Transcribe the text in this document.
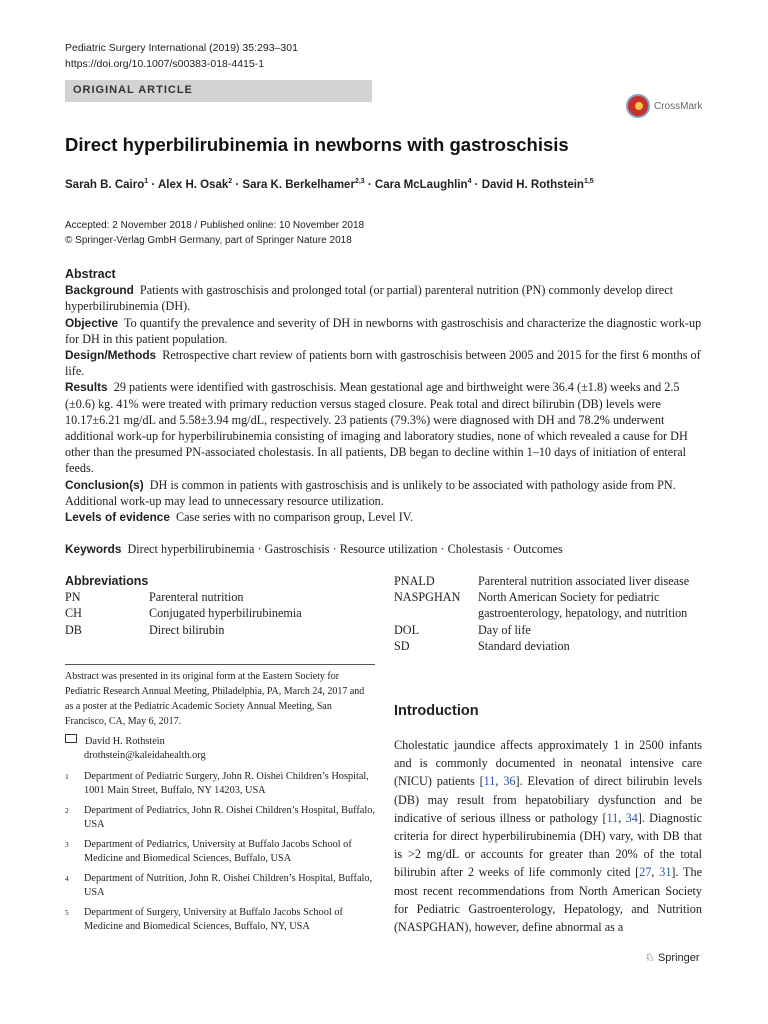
Pediatric Surgery International (2019) 35:293–301
https://doi.org/10.1007/s00383-018-4415-1
ORIGINAL ARTICLE
CrossMark
Direct hyperbilirubinemia in newborns with gastroschisis
Sarah B. Cairo$^1$ · Alex H. Osak$^2$ · Sara K. Berkelhamer$^{2,3}$ · Cara McLaughlin$^4$ · David H. Rothstein$^{1,5}$
Accepted: 2 November 2018 / Published online: 10 November 2018
© Springer-Verlag GmbH Germany, part of Springer Nature 2018
Abstract

Background Patients with gastroschisis and prolonged total (or partial) parenteral nutrition (PN) commonly develop direct hyperbilirubinemia (DH).

Objective To quantify the prevalence and severity of DH in newborns with gastroschisis and characterize the diagnostic work-up for DH in this patient population.

Design/Methods Retrospective chart review of patients born with gastroschisis between 2005 and 2015 for the first 6 months of life.

Results 29 patients were identified with gastroschisis. Mean gestational age and birthweight were 36.4 (±1.8) weeks and 2.5 (±0.6) kg. 41% were treated with primary reduction versus staged closure. Peak total and direct bilirubin (DB) levels were 10.17±6.21 mg/dL and 5.58±3.94 mg/dL, respectively. 23 patients (79.3%) were diagnosed with DH and 78.2% underwent additional work-up for hyperbilirubinemia consisting of imaging and laboratory studies, none of which revealed a cause for DH other than the presumed PN-associated cholestasis. In all patients, DB began to decline within 1–10 days of initiation of enteral feeds.

Conclusion(s) DH is common in patients with gastroschisis and is unlikely to be associated with pathology aside from PN. Additional work-up may lead to unnecessary resource utilization.

Levels of evidence Case series with no comparison group, Level IV.

Keywords Direct hyperbilirubinemia · Gastroschisis · Resource utilization · Cholestasis · Outcomes
Abbreviations
PN	Parenteral nutrition
CH	Conjugated hyperbilirubinemia
DB	Direct bilirubin
PNALD	Parenteral nutrition associated liver disease
NASPGHAN	North American Society for pediatric gastroenterology, hepatology, and nutrition
DOL	Day of life
SD	Standard deviation
Abstract was presented in its original form at the Eastern Society for Pediatric Research Annual Meeting, Philadelphia, PA, March 24, 2017 and as a poster at the Pediatric Academic Society Annual Meeting, San Francisco, CA, May 6, 2017.
David H. Rothstein
drothstein@kaleidahealth.org
1	Department of Pediatric Surgery, John R. Oishei Children’s Hospital, 1001 Main Street, Buffalo, NY 14203, USA
2	Department of Pediatrics, John R. Oishei Children’s Hospital, Buffalo, USA
3	Department of Pediatrics, University at Buffalo Jacobs School of Medicine and Biomedical Sciences, Buffalo, USA
4	Department of Nutrition, John R. Oishei Children’s Hospital, Buffalo, USA
5	Department of Surgery, University at Buffalo Jacobs School of Medicine and Biomedical Sciences, Buffalo, NY, USA
Introduction
Cholestatic jaundice affects approximately 1 in 2500 infants and is commonly documented in neonatal intensive care (NICU) patients [11, 36]. Elevation of direct bilirubin levels (DB) may result from hepatobiliary dysfunction and be indicative of serious illness or pathology [11, 34]. Diagnostic criteria for direct hyperbilirubinemia (DH) vary, with DB that is >2 mg/dL or accounts for greater than 20% of the total bilirubin after 2 weeks of life commonly cited [27, 31]. The most recent recommendations from North American Society for Pediatric Gastroenterology, Hepatology, and Nutrition (NASPGHAN), however, define abnormal as a
♘ Springer
